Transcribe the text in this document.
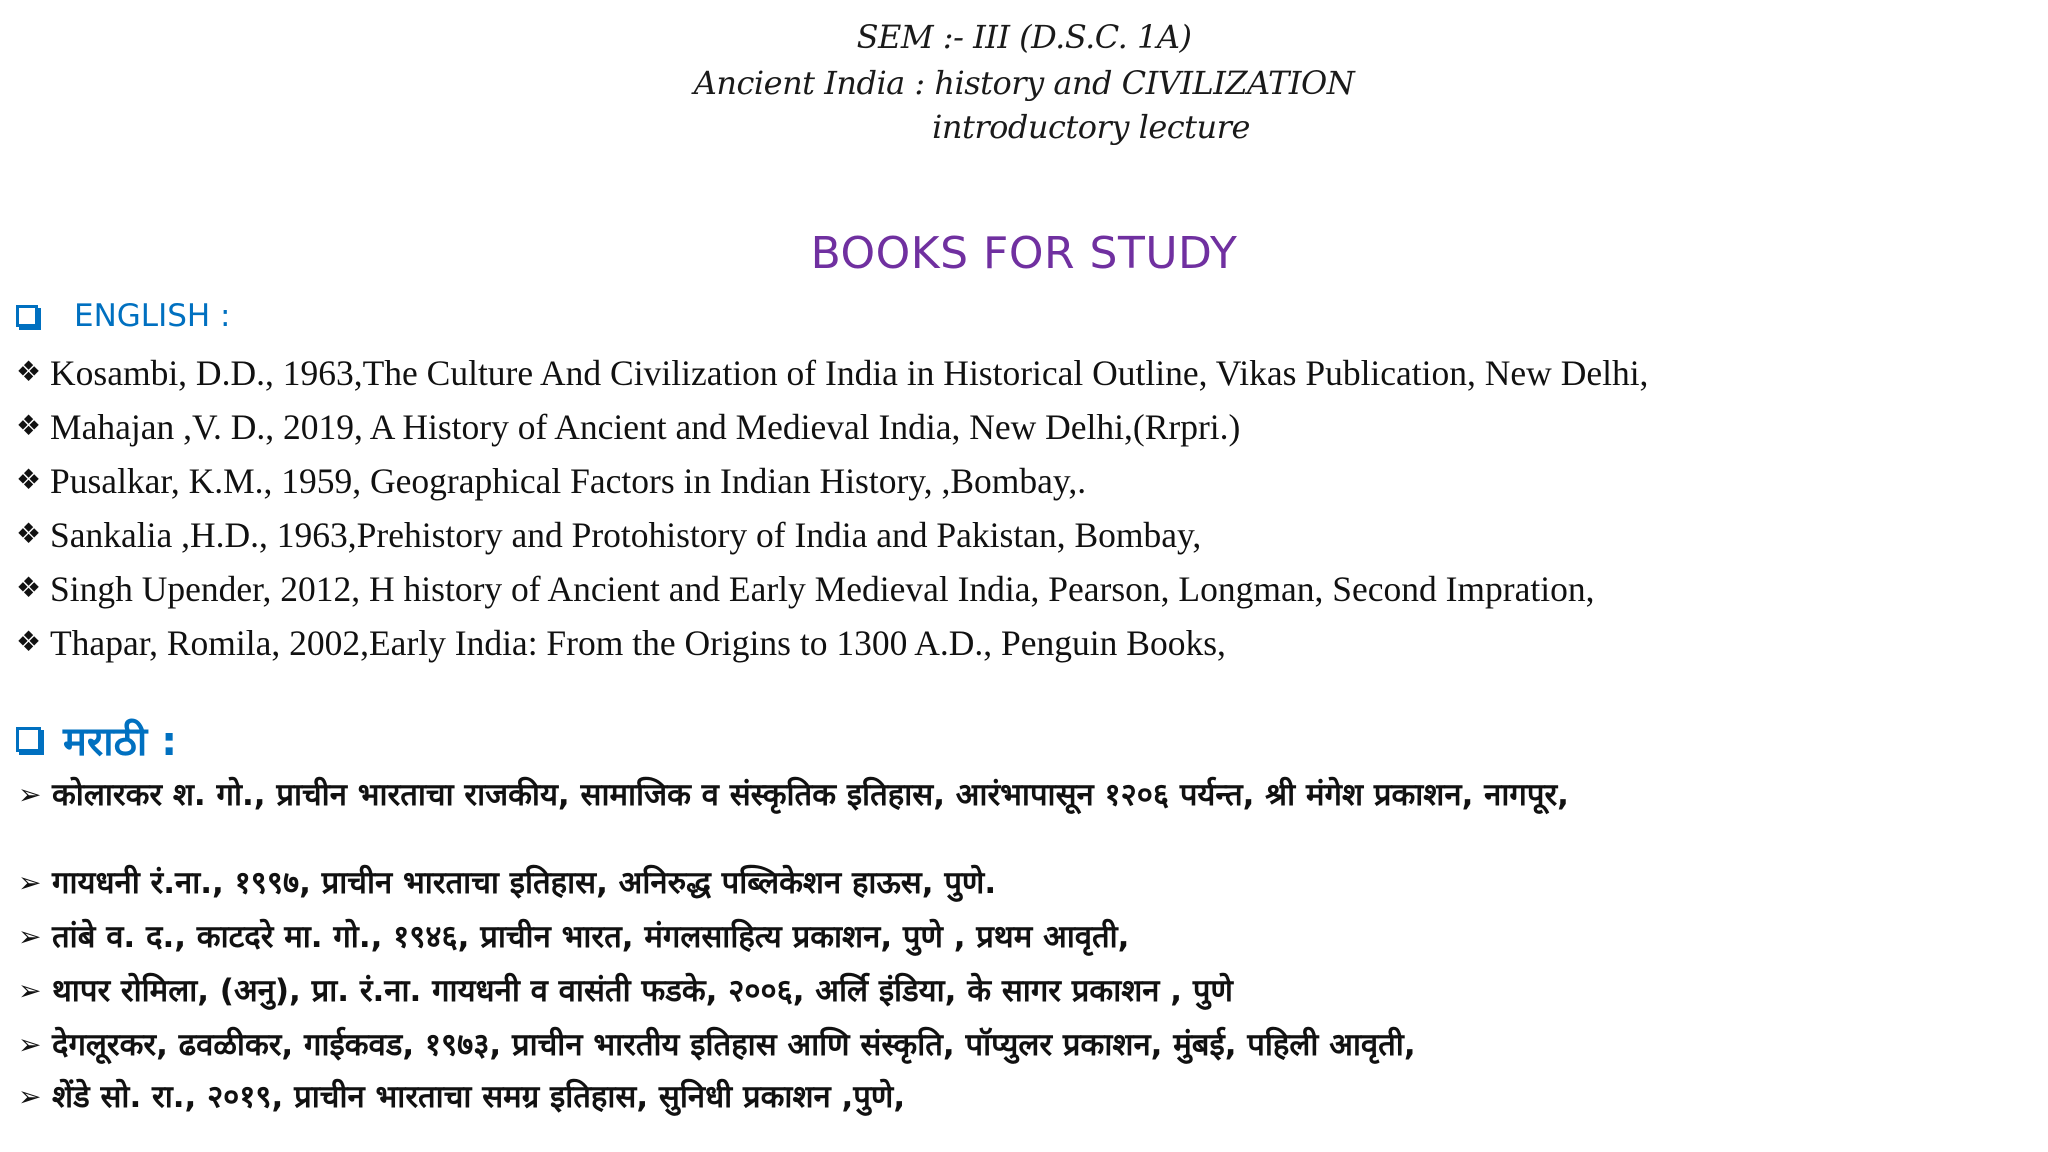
SEM :- III (D.S.C. 1A)
Ancient India : history and CIVILIZATION
introductory lecture
BOOKS FOR STUDY
ENGLISH :
❖ Kosambi, D.D., 1963,The Culture And Civilization of India in Historical Outline, Vikas Publication, New Delhi,
❖ Mahajan ,V. D., 2019, A History of Ancient and Medieval India, New Delhi,(Rrpri.)
❖ Pusalkar, K.M., 1959, Geographical Factors in Indian History, ,Bombay,.
❖ Sankalia ,H.D., 1963,Prehistory and Protohistory of India and Pakistan, Bombay,
❖ Singh Upender, 2012, H history of Ancient and Early Medieval India, Pearson, Longman, Second Impration,
❖ Thapar, Romila, 2002,Early India: From the Origins to 1300 A.D., Penguin Books,
मराठी :
➢ कोलारकर श. गो., प्राचीन भारताचा राजकीय, सामाजिक व संस्कृतिक इतिहास, आरंभापासून १२०६ पर्यन्त, श्री मंगेश प्रकाशन, नागपूर,
➢ गायधनी रं.ना., १९९७, प्राचीन भारताचा इतिहास, अनिरुद्ध पब्लिकेशन हाऊस, पुणे.
➢ तांबे व. द., काटदरे मा. गो., १९४६, प्राचीन भारत, मंगलसाहित्य प्रकाशन, पुणे , प्रथम आवृती,
➢ थापर रोमिला, (अनु), प्रा. रं.ना. गायधनी व वासंती फडके, २००६, अर्लि इंडिया, के सागर प्रकाशन , पुणे
➢ देगलूरकर, ढवळीकर, गाईकवड, १९७३, प्राचीन भारतीय इतिहास आणि संस्कृति, पॉप्युलर प्रकाशन, मुंबई, पहिली आवृती,
➢ शेंडे सो. रा., २०१९, प्राचीन भारताचा समग्र इतिहास, सुनिधी प्रकाशन ,पुणे,
